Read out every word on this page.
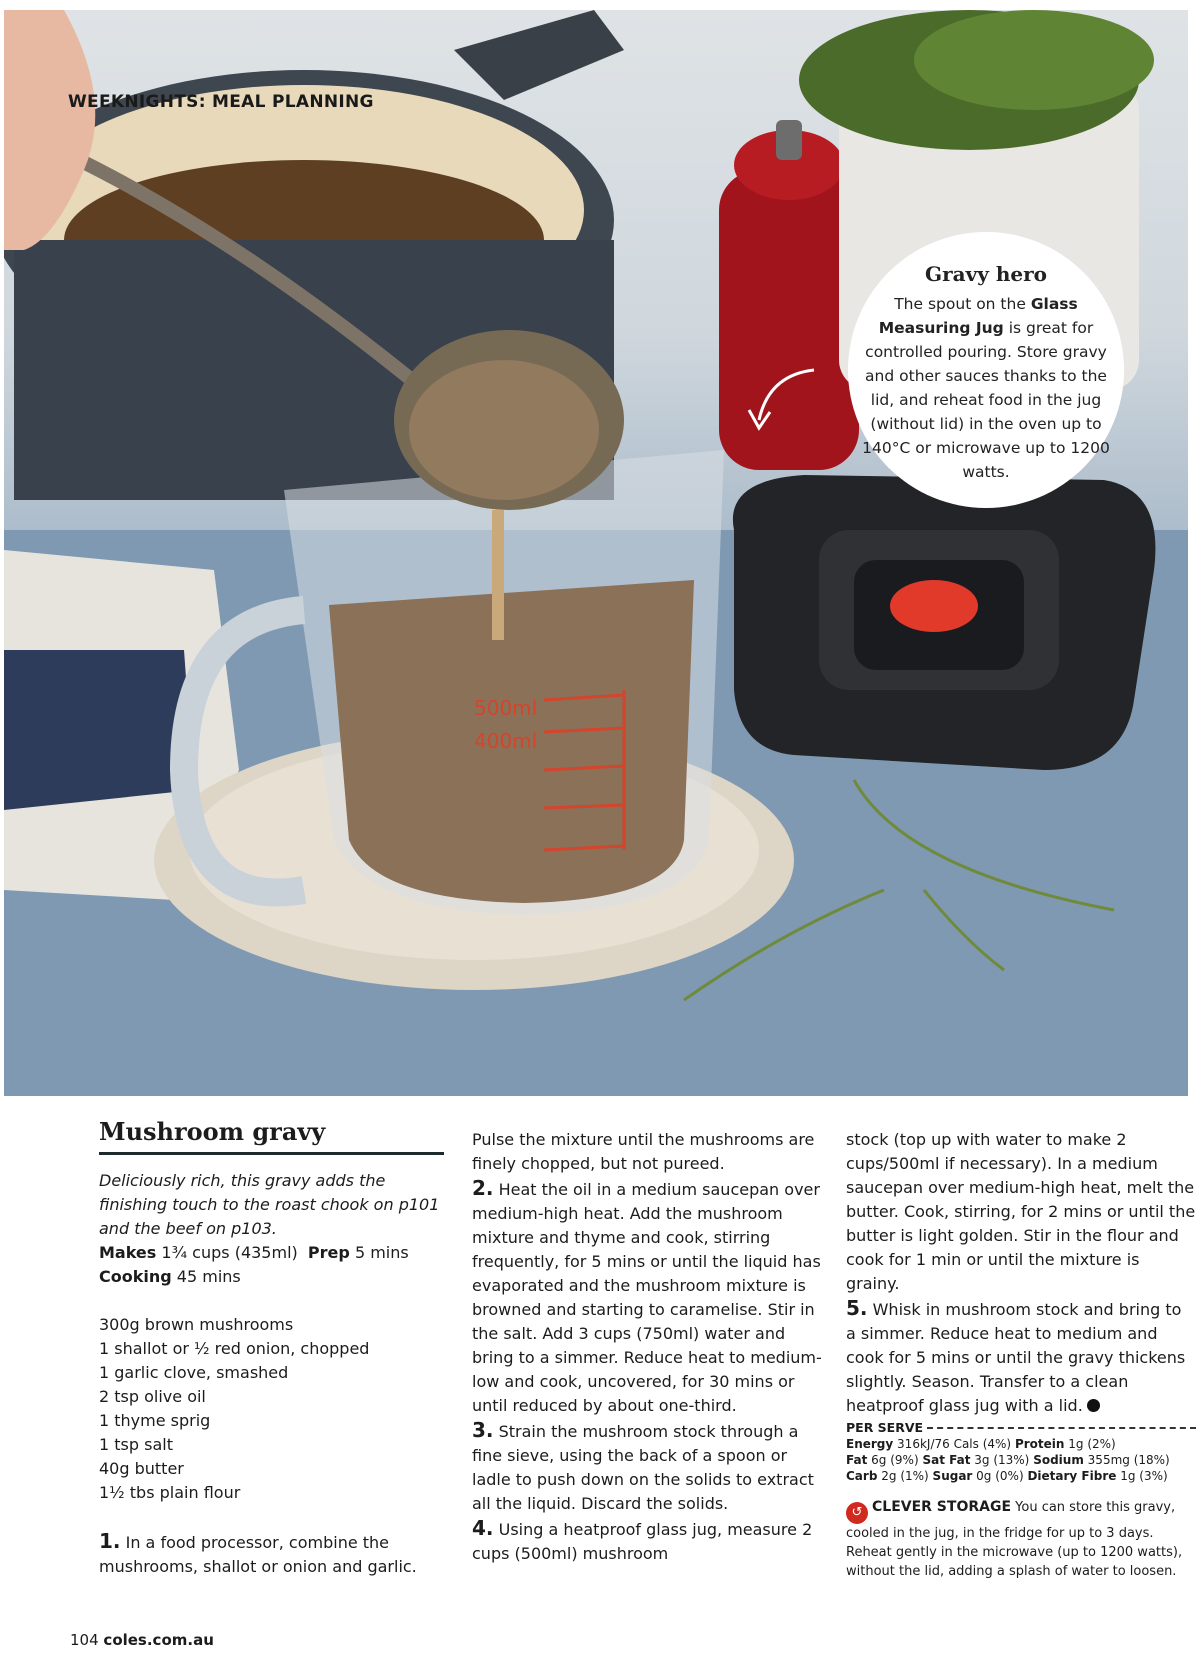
500ml
400ml
WEEKNIGHTS: MEAL PLANNING
Gravy hero
The spout on the Glass Measuring Jug is great for controlled pouring. Store gravy and other sauces thanks to the lid, and reheat food in the jug (without lid) in the oven up to 140°C or microwave up to 1200 watts.
Mushroom gravy
Deliciously rich, this gravy adds the finishing touch to the roast chook on p101 and the beef on p103.
Makes 1¾ cups (435ml) Prep 5 mins
Cooking 45 mins
300g brown mushrooms
1 shallot or ½ red onion, chopped
1 garlic clove, smashed
2 tsp olive oil
1 thyme sprig
1 tsp salt
40g butter
1½ tbs plain flour

1. In a food processor, combine the mushrooms, shallot or onion and garlic.

Pulse the mixture until the mushrooms are finely chopped, but not pureed.

2. Heat the oil in a medium saucepan over medium-high heat. Add the mushroom mixture and thyme and cook, stirring frequently, for 5 mins or until the liquid has evaporated and the mushroom mixture is browned and starting to caramelise. Stir in the salt. Add 3 cups (750ml) water and bring to a simmer. Reduce heat to medium-low and cook, uncovered, for 30 mins or until reduced by about one-third.

3. Strain the mushroom stock through a fine sieve, using the back of a spoon or ladle to push down on the solids to extract all the liquid. Discard the solids.

4. Using a heatproof glass jug, measure 2 cups (500ml) mushroom

stock (top up with water to make 2 cups/500ml if necessary). In a medium saucepan over medium-high heat, melt the butter. Cook, stirring, for 2 mins or until the butter is light golden. Stir in the flour and cook for 1 min or until the mixture is grainy.

5. Whisk in mushroom stock and bring to a simmer. Reduce heat to medium and cook for 5 mins or until the gravy thickens slightly. Season. Transfer to a clean heatproof glass jug with a lid.

PER SERVE
Energy 316kJ/76 Cals (4%) Protein 1g (2%)
Fat 6g (9%) Sat Fat 3g (13%) Sodium 355mg (18%)
Carb 2g (1%) Sugar 0g (0%) Dietary Fibre 1g (3%)
↺ CLEVER STORAGE You can store this gravy, cooled in the jug, in the fridge for up to 3 days. Reheat gently in the microwave (up to 1200 watts), without the lid, adding a splash of water to loosen.
104 coles.com.au
